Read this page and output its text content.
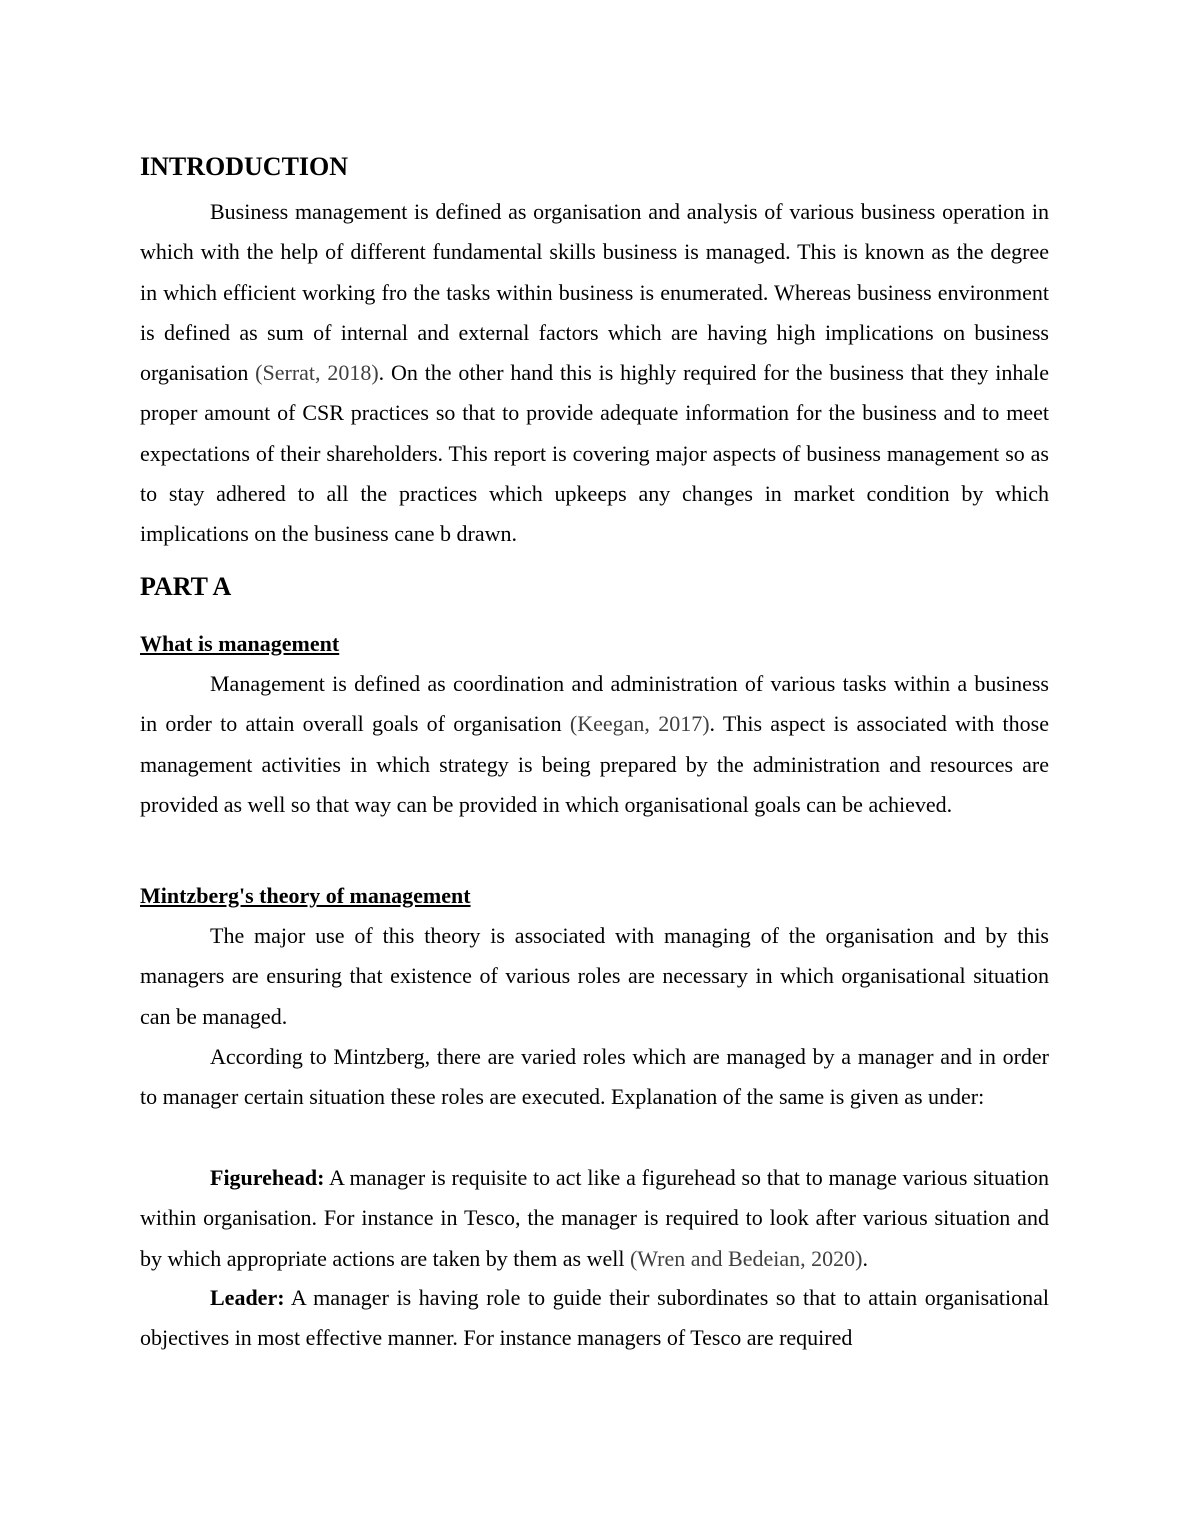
INTRODUCTION

Business management is defined as organisation and analysis of various business operation in which with the help of different fundamental skills business is managed. This is known as the degree in which efficient working fro the tasks within business is enumerated. Whereas business environment is defined as sum of internal and external factors which are having high implications on business organisation (Serrat, 2018). On the other hand this is highly required for the business that they inhale proper amount of CSR practices so that to provide adequate information for the business and to meet expectations of their shareholders. This report is covering major aspects of business management so as to stay adhered to all the practices which upkeeps any changes in market condition by which implications on the business cane b drawn.

PART A
What is management

Management is defined as coordination and administration of various tasks within a business in order to attain overall goals of organisation (Keegan, 2017). This aspect is associated with those management activities in which strategy is being prepared by the administration and resources are provided as well so that way can be provided in which organisational goals can be achieved.

Mintzberg's theory of management

The major use of this theory is associated with managing of the organisation and by this managers are ensuring that existence of various roles are necessary in which organisational situation can be managed.

According to Mintzberg, there are varied roles which are managed by a manager and in order to manager certain situation these roles are executed. Explanation of the same is given as under:

Figurehead: A manager is requisite to act like a figurehead so that to manage various situation within organisation. For instance in Tesco, the manager is required to look after various situation and by which appropriate actions are taken by them as well (Wren and Bedeian, 2020).

Leader: A manager is having role to guide their subordinates so that to attain organisational objectives in most effective manner. For instance managers of Tesco are required
